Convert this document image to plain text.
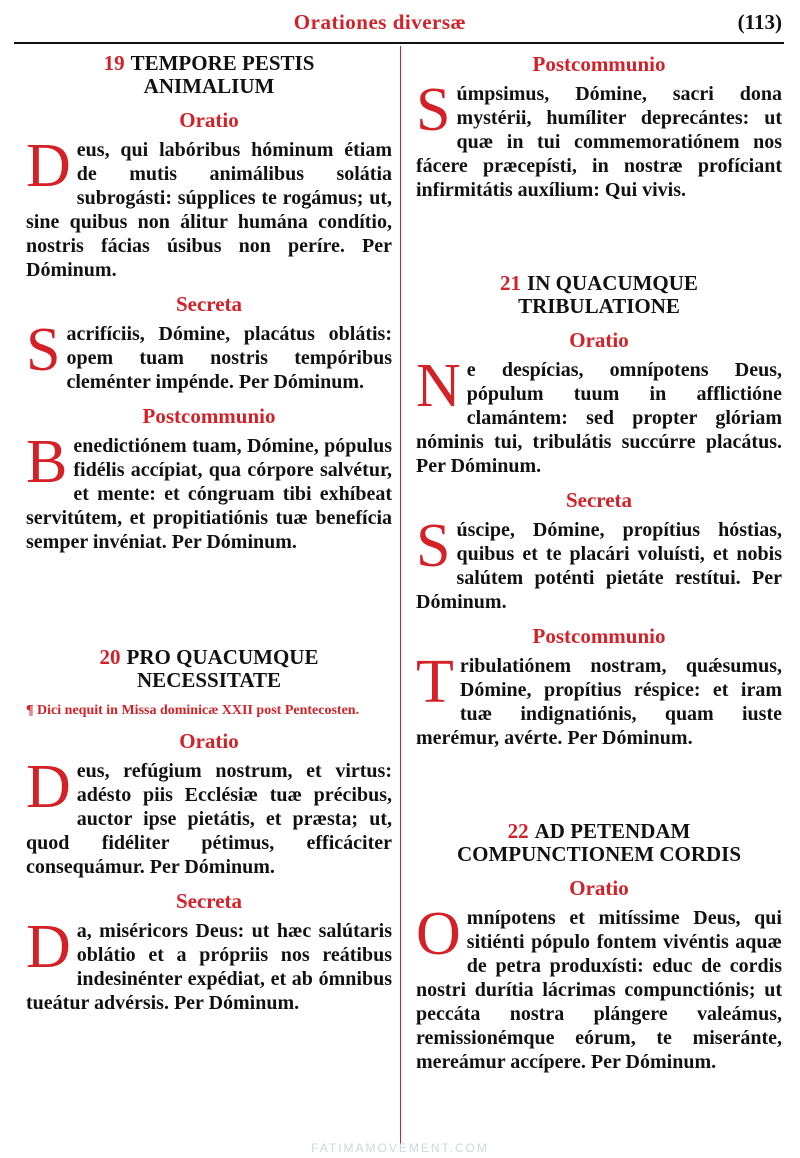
Orationes diversæ	(113)
19 TEMPORE PESTIS
ANIMALIUM
Oratio

Deus, qui labóribus hóminum étiam de mutis animálibus solátia subrogásti: súpplices te rogámus; ut, sine quibus non álitur humána condítio, nostris fácias úsibus non períre. Per Dóminum.

Secreta

Sacrifíciis, Dómine, placátus oblátis: opem tuam nostris tempóribus cleménter impénde. Per Dóminum.

Postcommunio

Benedictiónem tuam, Dómine, pópulus fidélis accípiat, qua córpore salvétur, et mente: et cóngruam tibi exhíbeat servitútem, et propitiatiónis tuæ benefícia semper invéniat. Per Dóminum.

20 PRO QUACUMQUE
NECESSITATE
¶ Dici nequit in Missa dominicæ XXII post Pentecosten.
Oratio

Deus, refúgium nostrum, et virtus: adésto piis Ecclésiæ tuæ précibus, auctor ipse pietátis, et præsta; ut, quod fidéliter pétimus, efficáciter consequámur. Per Dóminum.

Secreta

Da, miséricors Deus: ut hæc salútaris oblátio et a própriis nos reátibus indesinénter expédiat, et ab ómnibus tueátur advérsis. Per Dóminum.

Postcommunio

Súmpsimus, Dómine, sacri dona mystérii, humíliter deprecántes: ut quæ in tui commemoratiónem nos fácere præcepísti, in nostræ profíciant infirmitátis auxílium: Qui vivis.

21 IN QUACUMQUE
TRIBULATIONE
Oratio

Ne despícias, omnípotens Deus, pópulum tuum in afflictióne clamántem: sed propter glóriam nóminis tui, tribulátis succúrre placátus. Per Dóminum.

Secreta

Súscipe, Dómine, propítius hóstias, quibus et te placári voluísti, et nobis salútem poténti pietáte restítui. Per Dóminum.

Postcommunio

Tribulatiónem nostram, quǽsumus, Dómine, propítius réspice: et iram tuæ indignatiónis, quam iuste merémur, avérte. Per Dóminum.

22 AD PETENDAM
COMPUNCTIONEM CORDIS
Oratio

Omnípotens et mitíssime Deus, qui sitiénti pópulo fontem vivéntis aquæ de petra produxísti: educ de cordis nostri durítia lácrimas compunctiónis; ut peccáta nostra plángere valeámus, remissionémque eórum, te miseránte, mereámur accípere. Per Dóminum.

FATIMAMOVEMENT.COM
